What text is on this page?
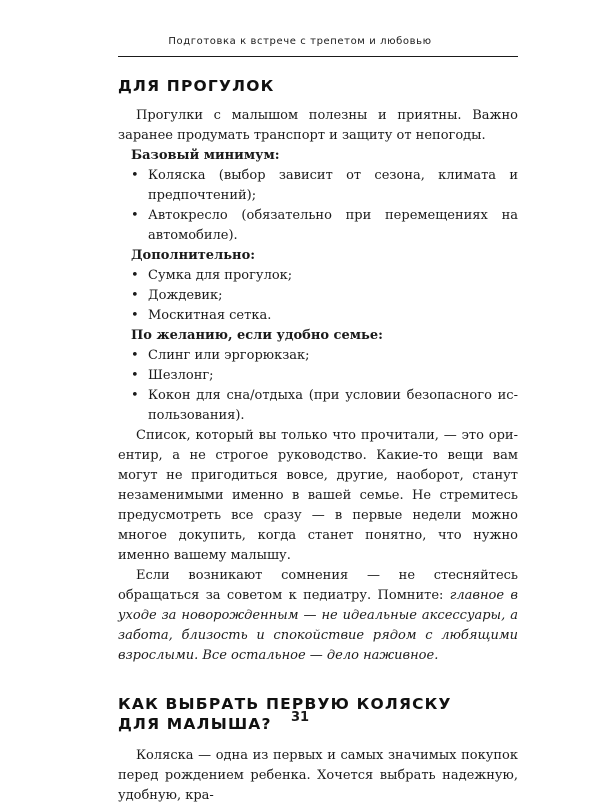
Подготовка к встрече с трепетом и любовью
ДЛЯ ПРОГУЛОК

Прогулки с малышом полезны и приятны. Важно заранее продумать транспорт и защиту от непогоды.

Базовый минимум:
• Коляска (выбор зависит от сезона, климата и предпочтений);
• Автокресло (обязательно при перемещениях на автомобиле).
Дополнительно:
• Сумка для прогулок;
• Дождевик;
• Москитная сетка.
По желанию, если удобно семье:
• Слинг или эргорюкзак;
• Шезлонг;
• Кокон для сна/отдыха (при условии безопасного использования).

Список, который вы только что прочитали, — это ориентир, а не строгое руководство. Какие-то вещи вам могут не пригодиться вовсе, другие, наоборот, станут незаменимыми именно в вашей семье. Не стремитесь предусмотреть все сразу — в первые недели можно многое докупить, когда станет понятно, что нужно именно вашему малышу.

Если возникают сомнения — не стесняйтесь обращаться за советом к педиатру. Помните: главное в уходе за новорожденным — не идеальные аксессуары, а забота, близость и спокойствие рядом с любящими взрослыми. Все остальное — дело наживное.

КАК ВЫБРАТЬ ПЕРВУЮ КОЛЯСКУ
ДЛЯ МАЛЫША?

Коляска — одна из первых и самых значимых покупок перед рождением ребенка. Хочется выбрать надежную, удобную, кра-

31
